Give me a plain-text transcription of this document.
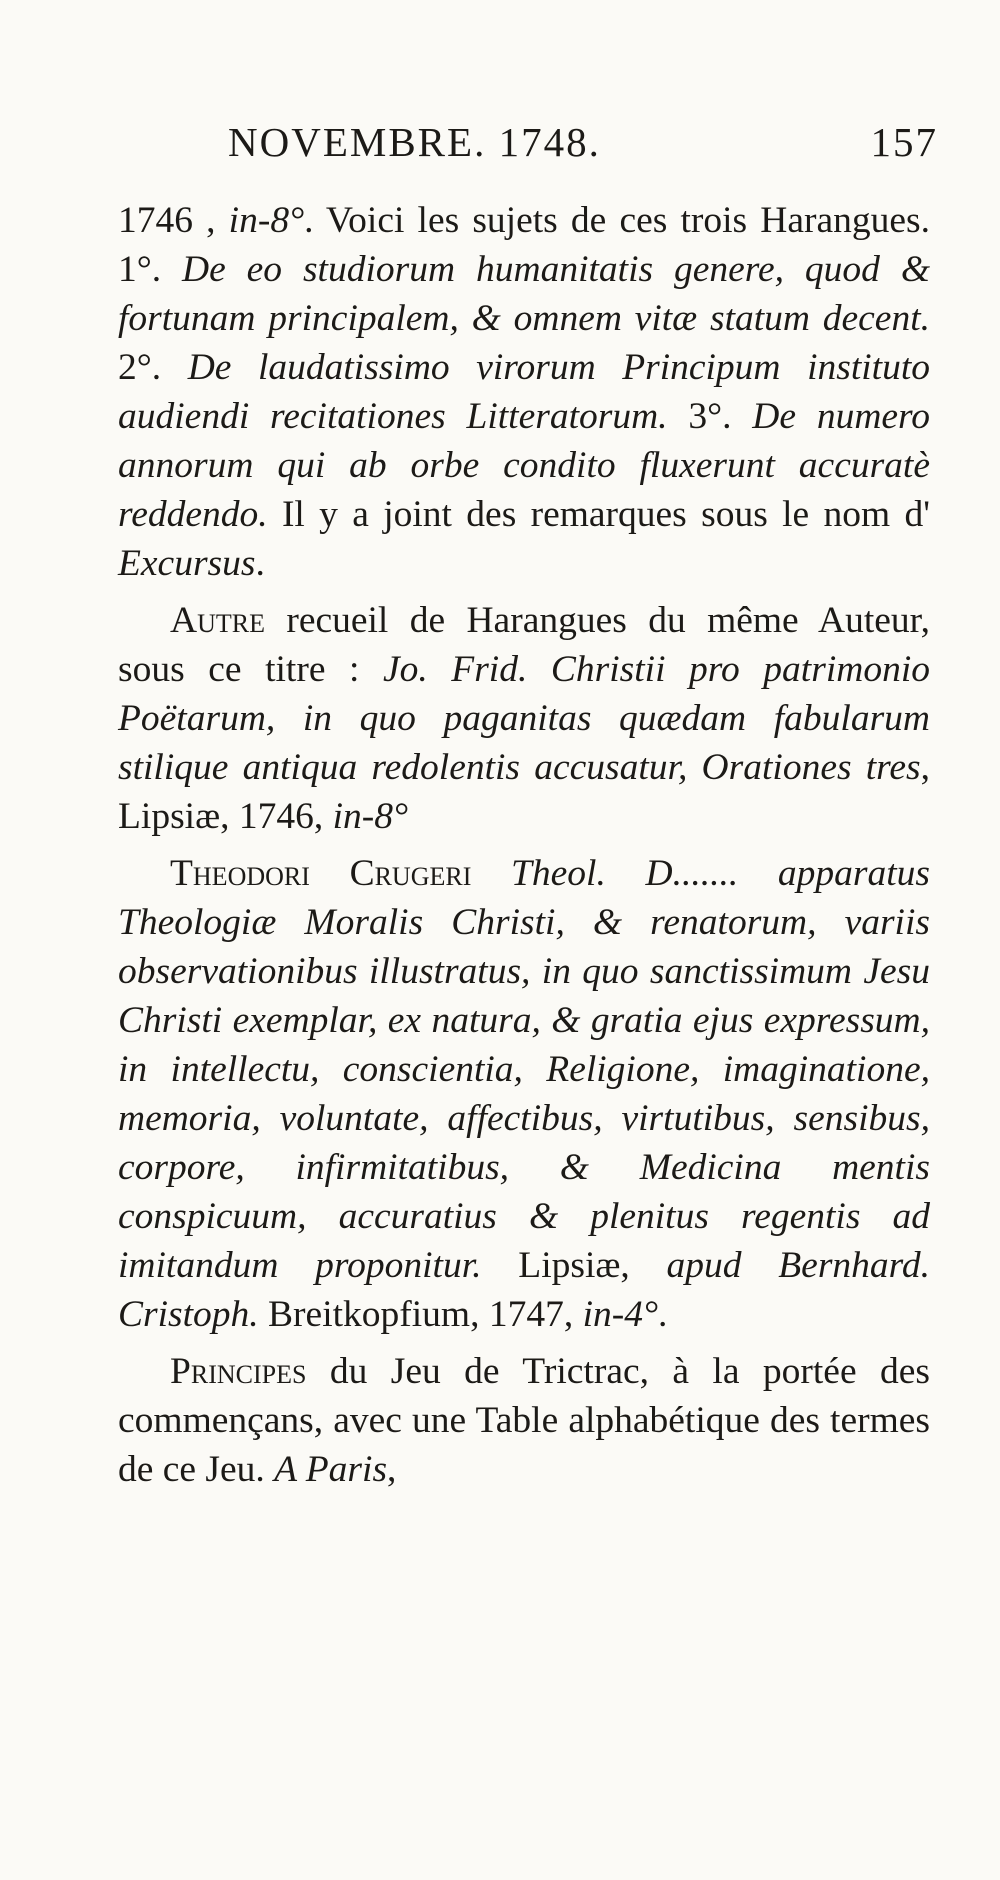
NOVEMBRE. 1748.	157

1746 , in-8°. Voici les sujets de ces trois Harangues. 1°. De eo studiorum humanitatis genere, quod & fortunam principalem, & omnem vitæ statum decent. 2°. De laudatissimo virorum Principum instituto audiendi recitationes Litteratorum. 3°. De numero annorum qui ab orbe condito fluxerunt accuratè reddendo. Il y a joint des remarques sous le nom d' Excursus.

Autre recueil de Harangues du même Auteur, sous ce titre : Jo. Frid. Christii pro patrimonio Poëtarum, in quo paganitas quædam fabularum stilique antiqua redolentis accusatur, Orationes tres, Lipsiæ, 1746, in-8°

Theodori Crugeri Theol. D....... apparatus Theologiæ Moralis Christi, & renatorum, variis observationibus illustratus, in quo sanctissimum Jesu Christi exemplar, ex natura, & gratia ejus expressum, in intellectu, conscientia, Religione, imaginatione, memoria, voluntate, affectibus, virtutibus, sensibus, corpore, infirmitatibus, & Medicina mentis conspicuum, accuratius & plenitus regentis ad imitandum proponitur. Lipsiæ, apud Bernhard. Cristoph. Breitkopfium, 1747, in-4°.

Principes du Jeu de Trictrac, à la portée des commençans, avec une Table alphabétique des termes de ce Jeu. A Paris,
